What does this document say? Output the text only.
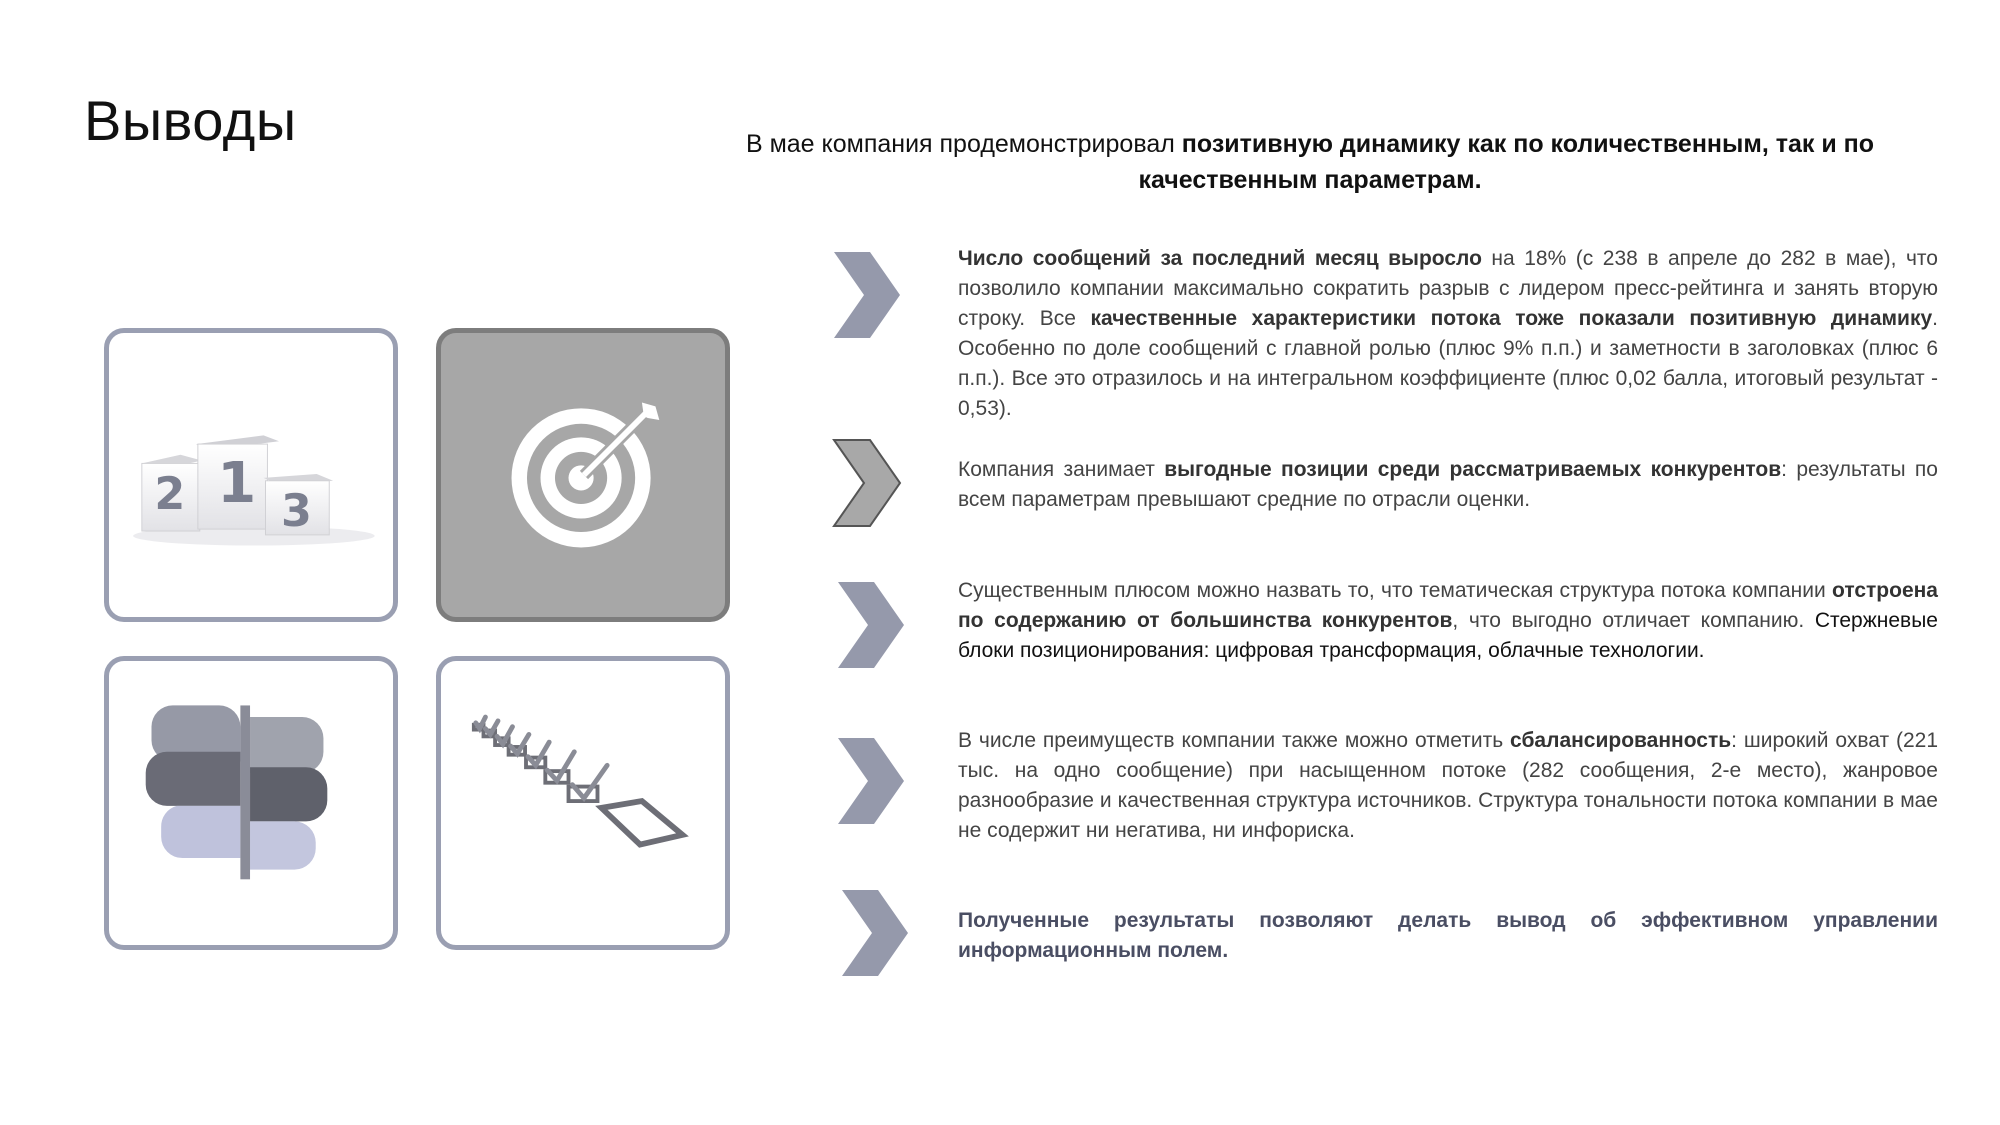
Выводы	В мае компания продемонстрировал позитивную динамику как по количественным, так и по качественным параметрам.
2 1 3
Число сообщений за последний месяц выросло на 18% (с 238 в апреле до 282 в мае), что позволило компании максимально сократить разрыв с лидером пресс-рейтинга и занять вторую строку. Все качественные характеристики потока тоже показали позитивную динамику. Особенно по доле сообщений с главной ролью (плюс 9% п.п.) и заметности в заголовках (плюс 6 п.п.). Все это отразилось и на интегральном коэффициенте (плюс 0,02 балла, итоговый результат - 0,53).
Компания занимает выгодные позиции среди рассматриваемых конкурентов: результаты по всем параметрам превышают средние по отрасли оценки.
Существенным плюсом можно назвать то, что тематическая структура потока компании отстроена по содержанию от большинства конкурентов, что выгодно отличает компанию. Стержневые блоки позиционирования: цифровая трансформация, облачные технологии.
В числе преимуществ компании также можно отметить сбалансированность: широкий охват (221 тыс. на одно сообщение) при насыщенном потоке (282 сообщения, 2-е место), жанровое разнообразие и качественная структура источников. Структура тональности потока компании в мае не содержит ни негатива, ни инфориска.
Полученные результаты позволяют делать вывод об эффективном управлении информационным полем.
